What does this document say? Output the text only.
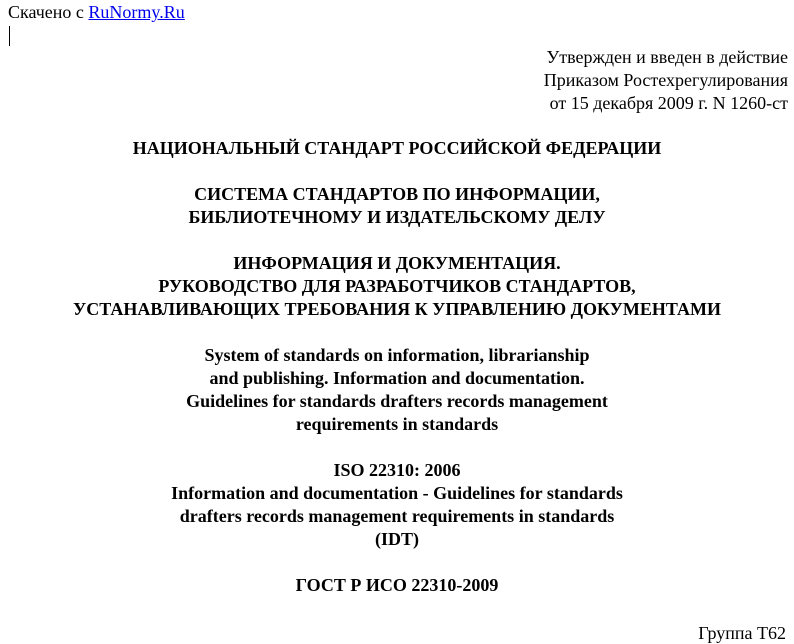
Скачено с RuNormy.Ru
Утвержден и введен в действие
Приказом Ростехрегулирования
от 15 декабря 2009 г. N 1260-ст
НАЦИОНАЛЬНЫЙ СТАНДАРТ РОССИЙСКОЙ ФЕДЕРАЦИИ
СИСТЕМА СТАНДАРТОВ ПО ИНФОРМАЦИИ,
БИБЛИОТЕЧНОМУ И ИЗДАТЕЛЬСКОМУ ДЕЛУ
ИНФОРМАЦИЯ И ДОКУМЕНТАЦИЯ.
РУКОВОДСТВО ДЛЯ РАЗРАБОТЧИКОВ СТАНДАРТОВ,
УСТАНАВЛИВАЮЩИХ ТРЕБОВАНИЯ К УПРАВЛЕНИЮ ДОКУМЕНТАМИ
System of standards on information, librarianship
and publishing. Information and documentation.
Guidelines for standards drafters records management
requirements in standards
ISO 22310: 2006
Information and documentation - Guidelines for standards
drafters records management requirements in standards
(IDT)
ГОСТ Р ИСО 22310-2009
Группа Т62
